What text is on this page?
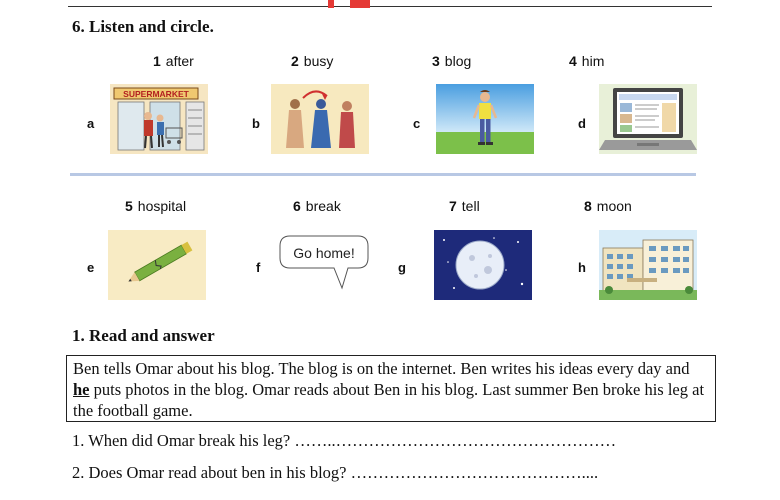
6. Listen and circle.
1 after	2 busy	3 blog	4 him
a	b	c	d
SUPERMARKET
5 hospital	6 break	7 tell	8 moon
e	f	g	h
Go home!
1. Read and answer
Ben tells Omar about his blog. The blog is on the internet. Ben writes his ideas every day and he puts photos in the blog. Omar reads about Ben in his blog. Last summer Ben broke his leg at the football game.
1. When did Omar break his leg? ……..……………………………………………
2. Does Omar read about ben in his blog? ……………………………………....
